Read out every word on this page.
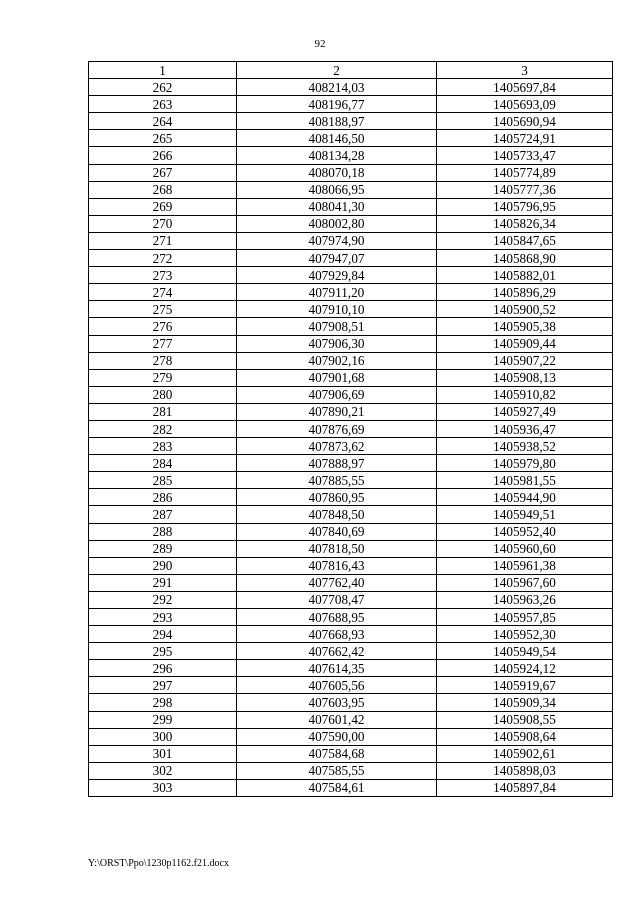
92
1	2	3
262	408214,03	1405697,84
263	408196,77	1405693,09
264	408188,97	1405690,94
265	408146,50	1405724,91
266	408134,28	1405733,47
267	408070,18	1405774,89
268	408066,95	1405777,36
269	408041,30	1405796,95
270	408002,80	1405826,34
271	407974,90	1405847,65
272	407947,07	1405868,90
273	407929,84	1405882,01
274	407911,20	1405896,29
275	407910,10	1405900,52
276	407908,51	1405905,38
277	407906,30	1405909,44
278	407902,16	1405907,22
279	407901,68	1405908,13
280	407906,69	1405910,82
281	407890,21	1405927,49
282	407876,69	1405936,47
283	407873,62	1405938,52
284	407888,97	1405979,80
285	407885,55	1405981,55
286	407860,95	1405944,90
287	407848,50	1405949,51
288	407840,69	1405952,40
289	407818,50	1405960,60
290	407816,43	1405961,38
291	407762,40	1405967,60
292	407708,47	1405963,26
293	407688,95	1405957,85
294	407668,93	1405952,30
295	407662,42	1405949,54
296	407614,35	1405924,12
297	407605,56	1405919,67
298	407603,95	1405909,34
299	407601,42	1405908,55
300	407590,00	1405908,64
301	407584,68	1405902,61
302	407585,55	1405898,03
303	407584,61	1405897,84
Y:\ORST\Ppo\1230p1162.f21.docx
